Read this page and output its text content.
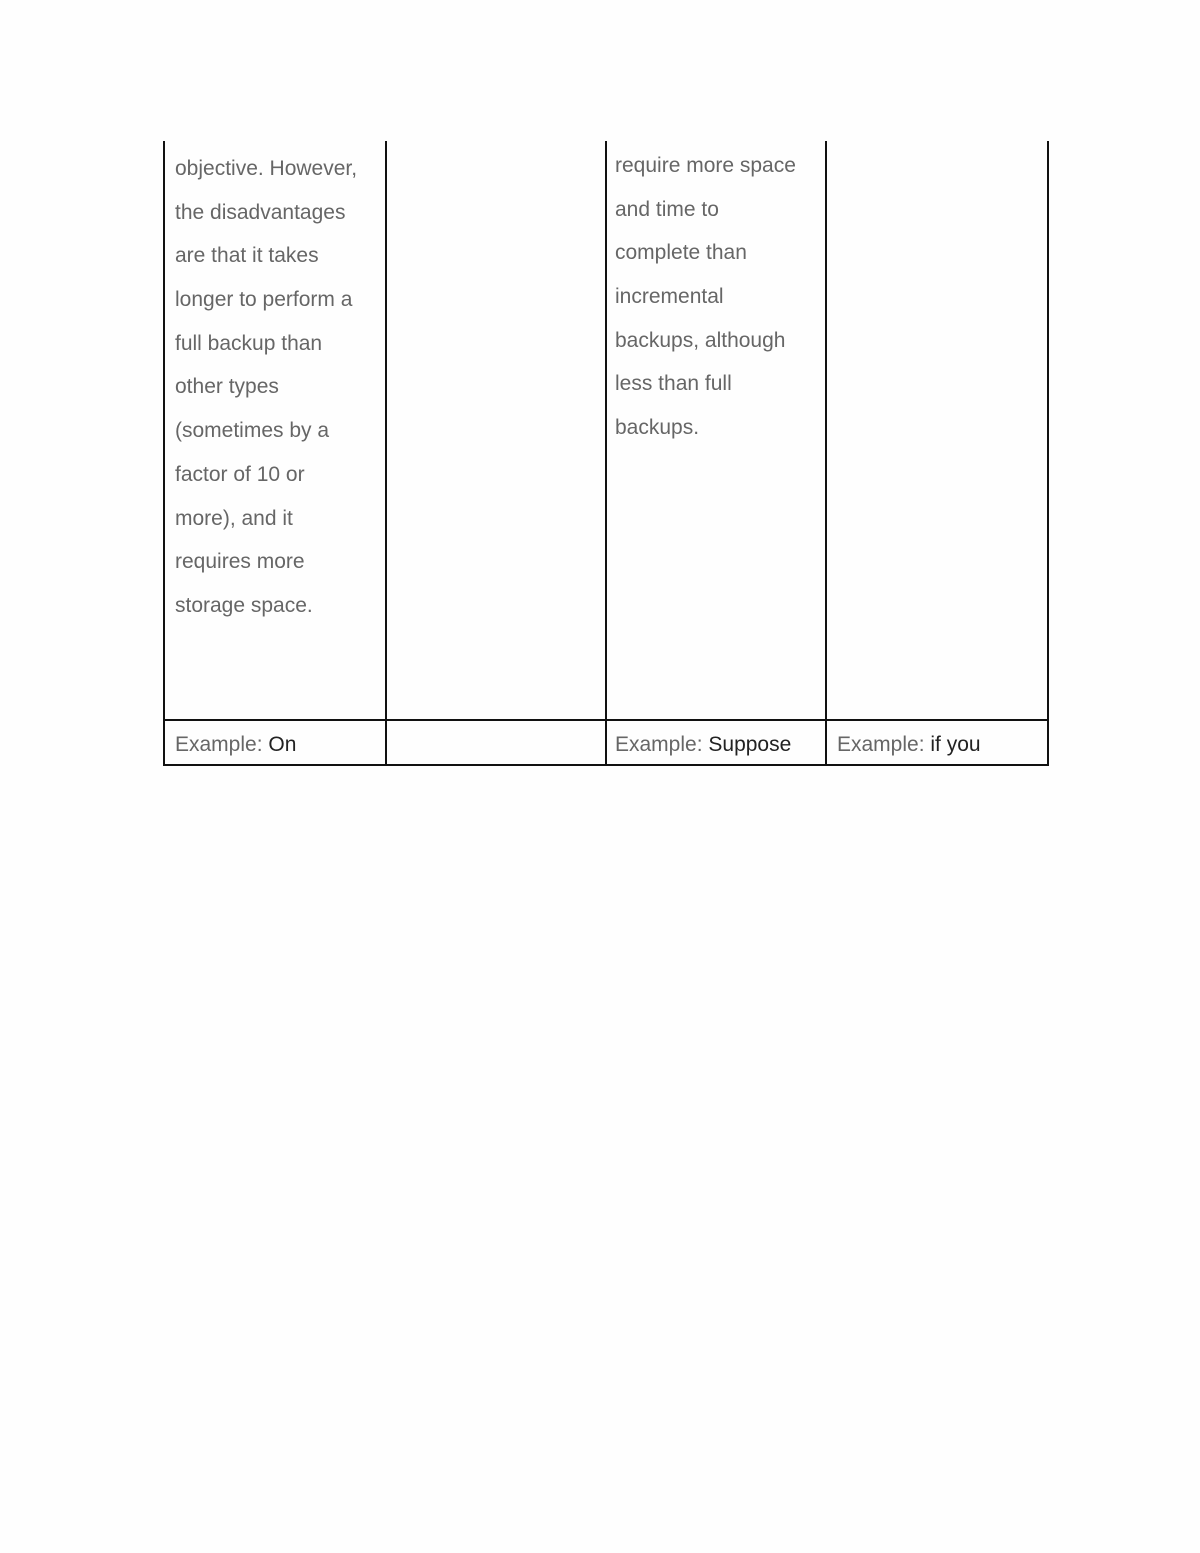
objective. However,
the disadvantages
are that it takes
longer to perform a
full backup than
other types
(sometimes by a
factor of 10 or
more), and it
requires more
storage space.
require more space
and time to
complete than
incremental
backups, although
less than full
backups.
Example: On	Example: Suppose Example: if you
